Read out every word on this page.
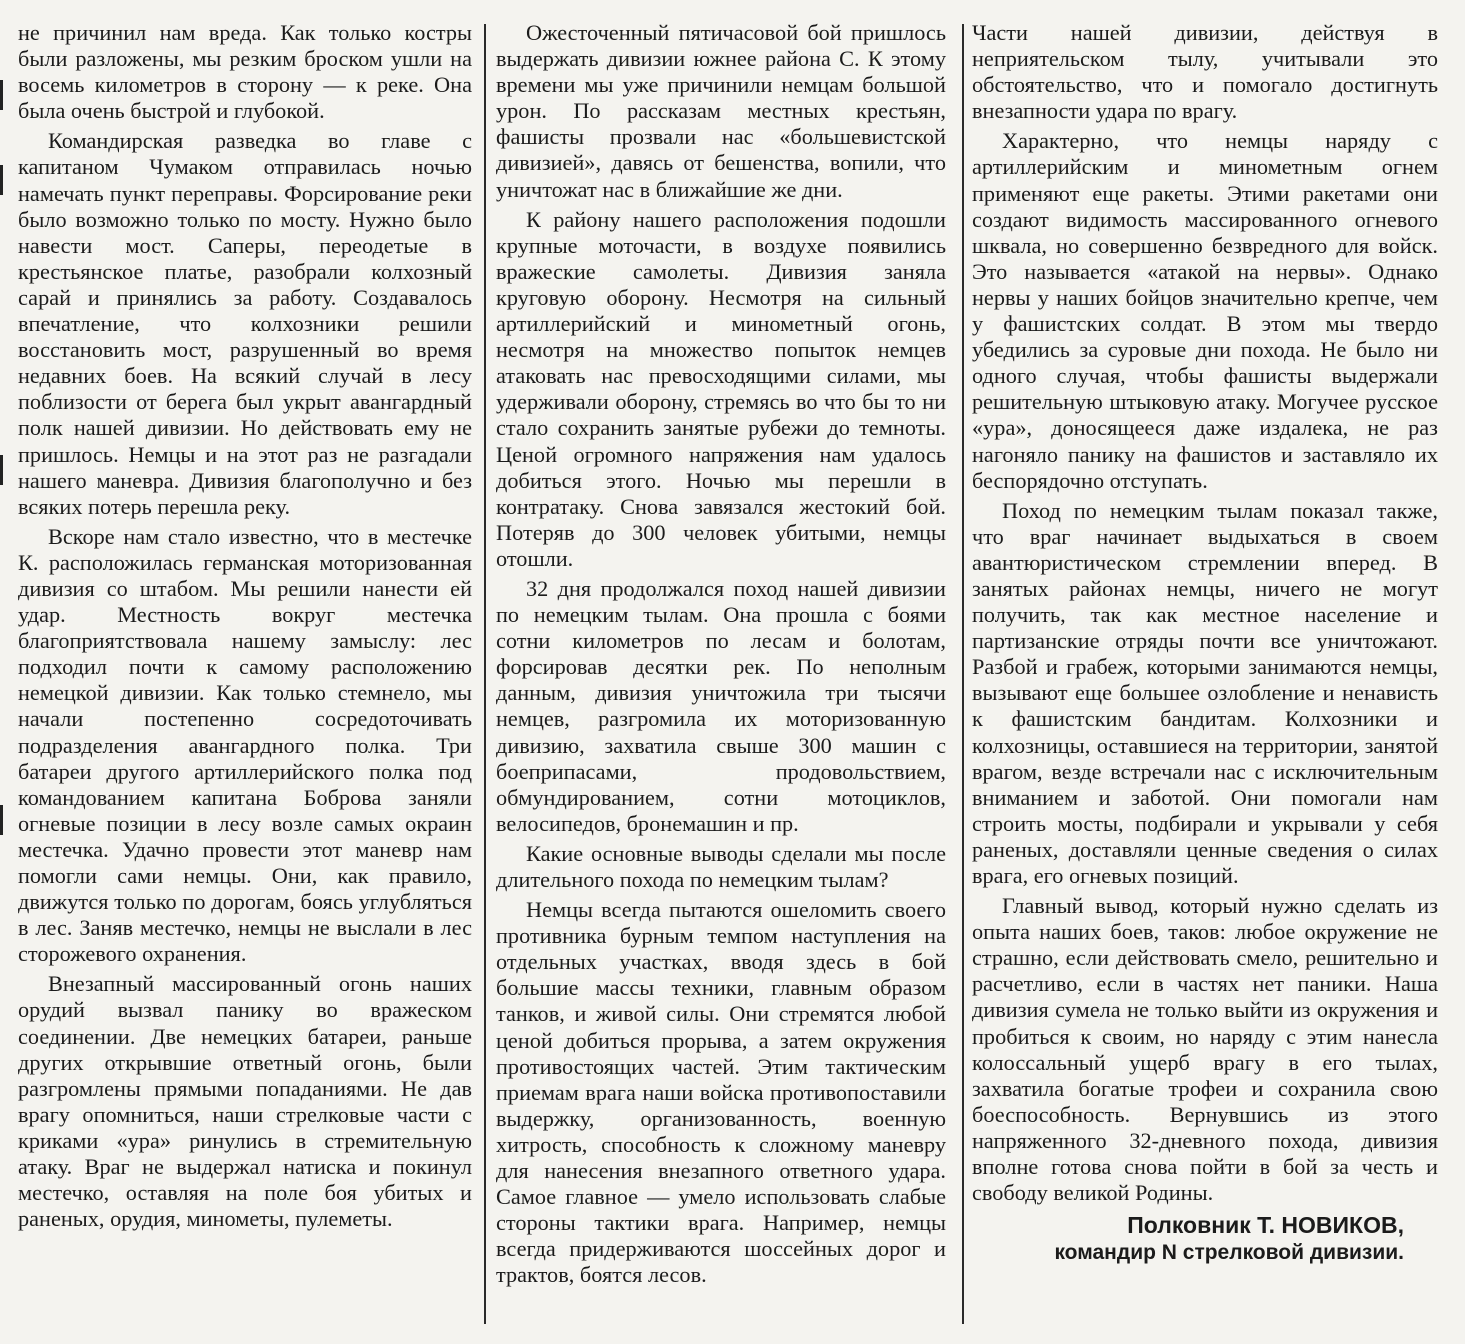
не причинил нам вреда. Как только костры были разложены, мы резким броском ушли на восемь километров в сторону — к реке. Она была очень быстрой и глубокой.

Командирская разведка во главе с капитаном Чумаком отправилась ночью намечать пункт переправы. Форсирование реки было возможно только по мосту. Нужно было навести мост. Саперы, переодетые в крестьянское платье, разобрали колхозный сарай и принялись за работу. Создавалось впечатление, что колхозники решили восстановить мост, разрушенный во время недавних боев. На всякий случай в лесу поблизости от берега был укрыт авангардный полк нашей дивизии. Но действовать ему не пришлось. Немцы и на этот раз не разгадали нашего маневра. Дивизия благополучно и без всяких потерь перешла реку.

Вскоре нам стало известно, что в местечке К. расположилась германская моторизованная дивизия со штабом. Мы решили нанести ей удар. Местность вокруг местечка благоприятствовала нашему замыслу: лес подходил почти к самому расположению немецкой дивизии. Как только стемнело, мы начали постепенно сосредоточивать подразделения авангардного полка. Три батареи другого артиллерийского полка под командованием капитана Боброва заняли огневые позиции в лесу возле самых окраин местечка. Удачно провести этот маневр нам помогли сами немцы. Они, как правило, движутся только по дорогам, боясь углубляться в лес. Заняв местечко, немцы не выслали в лес сторожевого охранения.

Внезапный массированный огонь наших орудий вызвал панику во вражеском соединении. Две немецких батареи, раньше других открывшие ответный огонь, были разгромлены прямыми попаданиями. Не дав врагу опомниться, наши стрелковые части с криками «ура» ринулись в стремительную атаку. Враг не выдержал натиска и покинул местечко, оставляя на поле боя убитых и раненых, орудия, минометы, пулеметы.

Ожесточенный пятичасовой бой пришлось выдержать дивизии южнее района С. К этому времени мы уже причинили немцам большой урон. По рассказам местных крестьян, фашисты прозвали нас «большевистской дивизией», давясь от бешенства, вопили, что уничтожат нас в ближайшие же дни.

К району нашего расположения подошли крупные моточасти, в воздухе появились вражеские самолеты. Дивизия заняла круговую оборону. Несмотря на сильный артиллерийский и минометный огонь, несмотря на множество попыток немцев атаковать нас превосходящими силами, мы удерживали оборону, стремясь во что бы то ни стало сохранить занятые рубежи до темноты. Ценой огромного напряжения нам удалось добиться этого. Ночью мы перешли в контратаку. Снова завязался жестокий бой. Потеряв до 300 человек убитыми, немцы отошли.

32 дня продолжался поход нашей дивизии по немецким тылам. Она прошла с боями сотни километров по лесам и болотам, форсировав десятки рек. По неполным данным, дивизия уничтожила три тысячи немцев, разгромила их моторизованную дивизию, захватила свыше 300 машин с боеприпасами, продовольствием, обмундированием, сотни мотоциклов, велосипедов, бронемашин и пр.

Какие основные выводы сделали мы после длительного похода по немецким тылам?

Немцы всегда пытаются ошеломить своего противника бурным темпом наступления на отдельных участках, вводя здесь в бой большие массы техники, главным образом танков, и живой силы. Они стремятся любой ценой добиться прорыва, а затем окружения противостоящих частей. Этим тактическим приемам врага наши войска противопоставили выдержку, организованность, военную хитрость, способность к сложному маневру для нанесения внезапного ответного удара. Самое главное — умело использовать слабые стороны тактики врага. Например, немцы всегда придерживаются шоссейных дорог и трактов, боятся лесов.

Части нашей дивизии, действуя в неприятельском тылу, учитывали это обстоятельство, что и помогало достигнуть внезапности удара по врагу.

Характерно, что немцы наряду с артиллерийским и минометным огнем применяют еще ракеты. Этими ракетами они создают видимость массированного огневого шквала, но совершенно безвредного для войск. Это называется «атакой на нервы». Однако нервы у наших бойцов значительно крепче, чем у фашистских солдат. В этом мы твердо убедились за суровые дни похода. Не было ни одного случая, чтобы фашисты выдержали решительную штыковую атаку. Могучее русское «ура», доносящееся даже издалека, не раз нагоняло панику на фашистов и заставляло их беспорядочно отступать.

Поход по немецким тылам показал также, что враг начинает выдыхаться в своем авантюристическом стремлении вперед. В занятых районах немцы, ничего не могут получить, так как местное население и партизанские отряды почти все уничтожают. Разбой и грабеж, которыми занимаются немцы, вызывают еще большее озлобление и ненависть к фашистским бандитам. Колхозники и колхозницы, оставшиеся на территории, занятой врагом, везде встречали нас с исключительным вниманием и заботой. Они помогали нам строить мосты, подбирали и укрывали у себя раненых, доставляли ценные сведения о силах врага, его огневых позиций.

Главный вывод, который нужно сделать из опыта наших боев, таков: любое окружение не страшно, если действовать смело, решительно и расчетливо, если в частях нет паники. Наша дивизия сумела не только выйти из окружения и пробиться к своим, но наряду с этим нанесла колоссальный ущерб врагу в его тылах, захватила богатые трофеи и сохранила свою боеспособность. Вернувшись из этого напряженного 32-дневного похода, дивизия вполне готова снова пойти в бой за честь и свободу великой Родины.

Полковник Т. НОВИКОВ,
командир N стрелковой дивизии.
